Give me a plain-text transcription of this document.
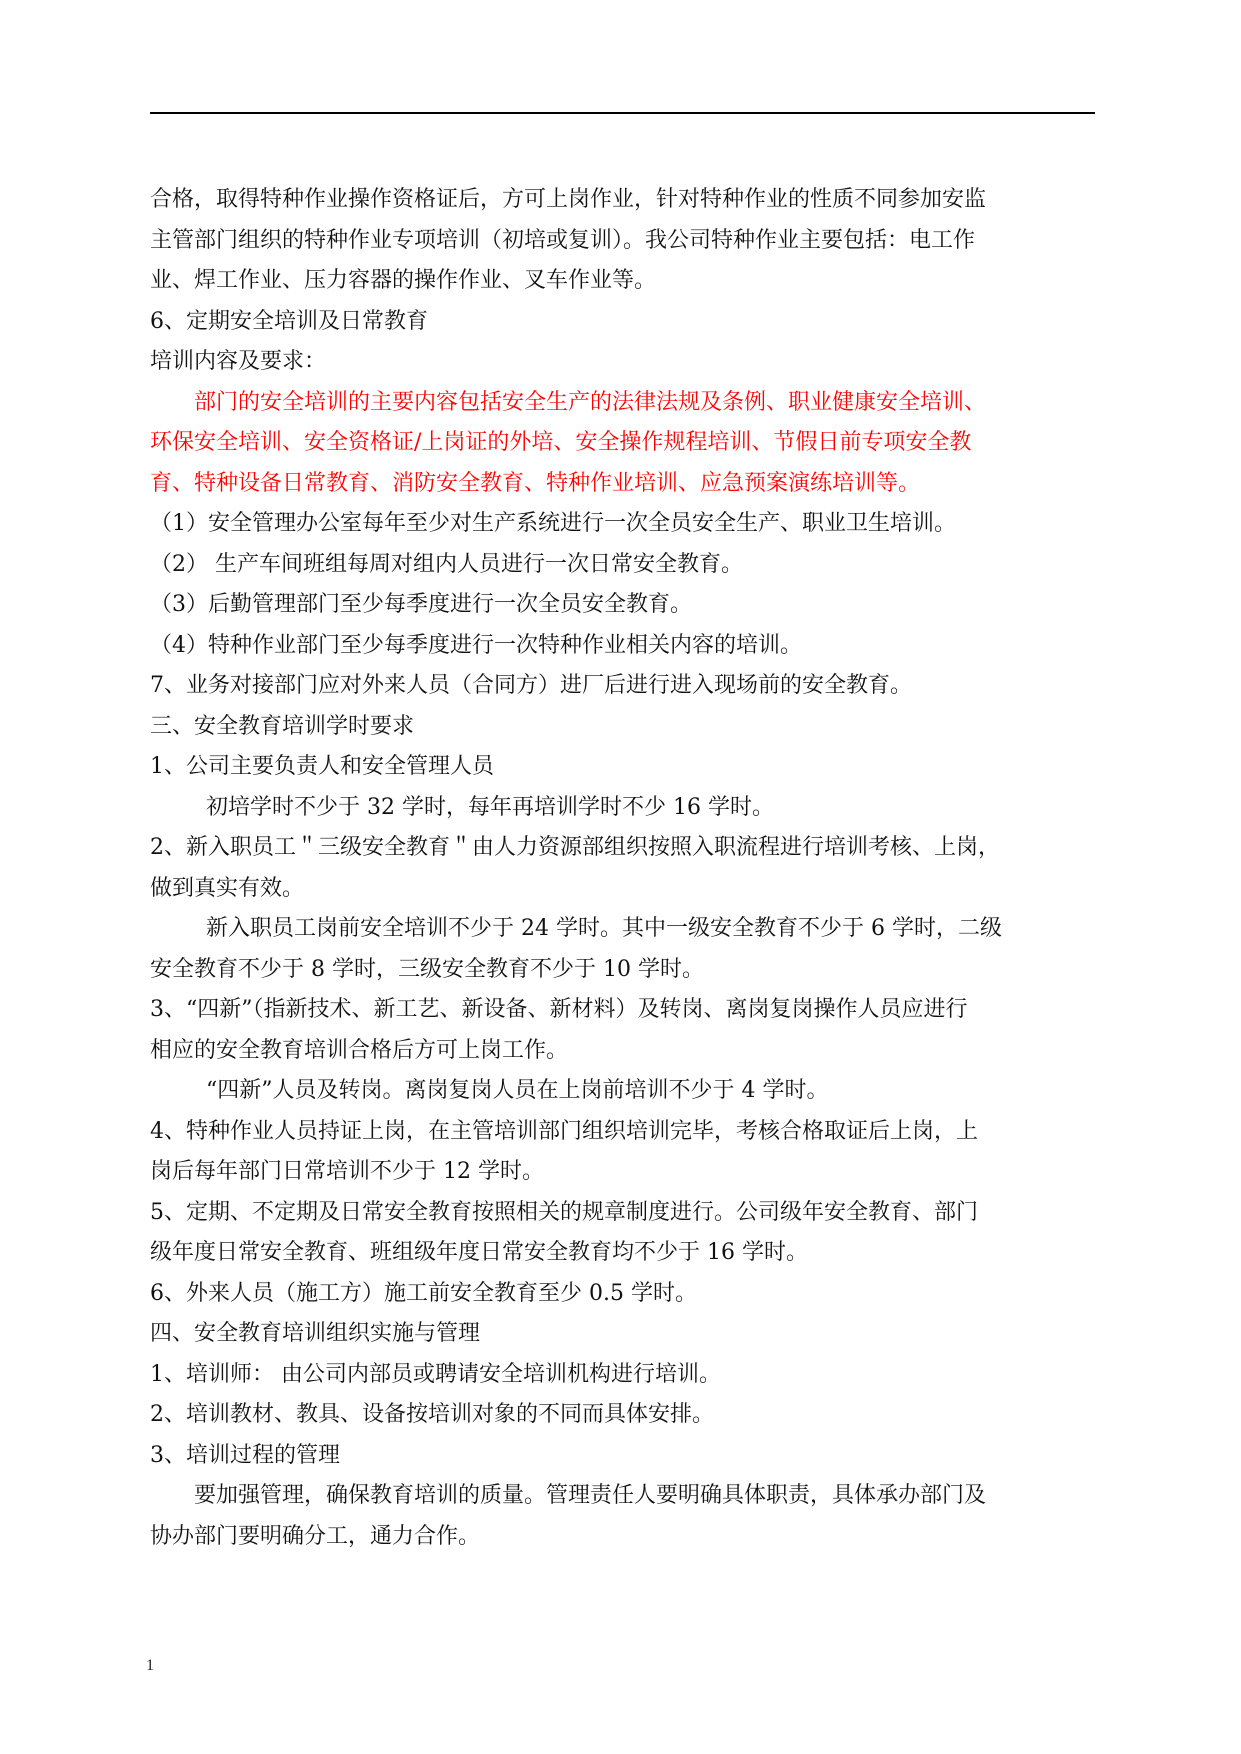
合格，取得特种作业操作资格证后，方可上岗作业，针对特种作业的性质不同参加安监
主管部门组织的特种作业专项培训（初培或复训）。我公司特种作业主要包括：电工作
业、焊工作业、压力容器的操作作业、叉车作业等。
6、定期安全培训及日常教育
培训内容及要求：
部门的安全培训的主要内容包括安全生产的法律法规及条例、职业健康安全培训、
环保安全培训、安全资格证/上岗证的外培、安全操作规程培训、节假日前专项安全教
育、特种设备日常教育、消防安全教育、特种作业培训、应急预案演练培训等。
（1）安全管理办公室每年至少对生产系统进行一次全员安全生产、职业卫生培训。
（2） 生产车间班组每周对组内人员进行一次日常安全教育。
（3）后勤管理部门至少每季度进行一次全员安全教育。
（4）特种作业部门至少每季度进行一次特种作业相关内容的培训。
7、业务对接部门应对外来人员（合同方）进厂后进行进入现场前的安全教育。
三、安全教育培训学时要求
1、公司主要负责人和安全管理人员
初培学时不少于 32 学时，每年再培训学时不少 16 学时。
2、新入职员工＂三级安全教育＂由人力资源部组织按照入职流程进行培训考核、上岗，
做到真实有效。
新入职员工岗前安全培训不少于 24 学时。其中一级安全教育不少于 6 学时，二级
安全教育不少于 8 学时，三级安全教育不少于 10 学时。
3、“四新”（指新技术、新工艺、新设备、新材料）及转岗、离岗复岗操作人员应进行
相应的安全教育培训合格后方可上岗工作。
“四新”人员及转岗。离岗复岗人员在上岗前培训不少于 4 学时。
4、特种作业人员持证上岗，在主管培训部门组织培训完毕，考核合格取证后上岗，上
岗后每年部门日常培训不少于 12 学时。
5、定期、不定期及日常安全教育按照相关的规章制度进行。公司级年安全教育、部门
级年度日常安全教育、班组级年度日常安全教育均不少于 16 学时。
6、外来人员（施工方）施工前安全教育至少 0.5 学时。
四、安全教育培训组织实施与管理
1、培训师： 由公司内部员或聘请安全培训机构进行培训。
2、培训教材、教具、设备按培训对象的不同而具体安排。
3、培训过程的管理
要加强管理，确保教育培训的质量。管理责任人要明确具体职责，具体承办部门及
协办部门要明确分工，通力合作。
1
